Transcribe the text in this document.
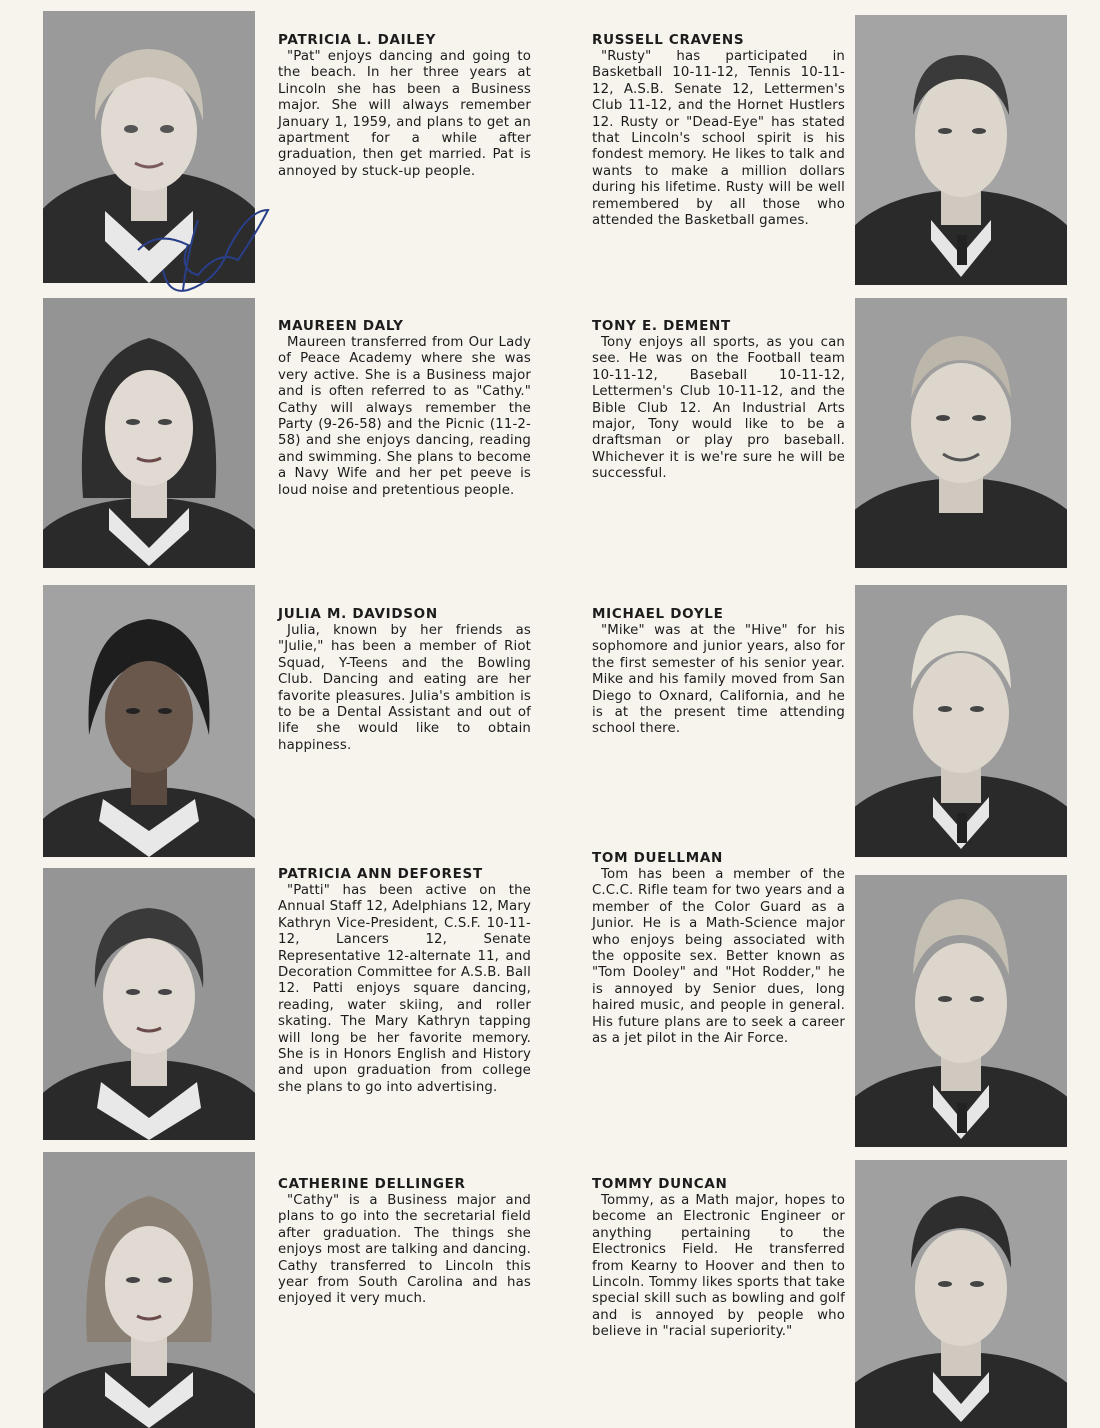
PATRICIA L. DAILEY

"Pat" enjoys dancing and going to the beach. In her three years at Lincoln she has been a Business major. She will always remember January 1, 1959, and plans to get an apartment for a while after graduation, then get married. Pat is annoyed by stuck-up people.

RUSSELL CRAVENS

"Rusty" has participated in Basketball 10-11-12, Tennis 10-11-12, A.S.B. Senate 12, Lettermen's Club 11-12, and the Hornet Hustlers 12. Rusty or "Dead-Eye" has stated that Lincoln's school spirit is his fondest memory. He likes to talk and wants to make a million dollars during his lifetime. Rusty will be well remembered by all those who attended the Basketball games.

MAUREEN DALY

Maureen transferred from Our Lady of Peace Academy where she was very active. She is a Business major and is often referred to as "Cathy." Cathy will always remember the Party (9-26-58) and the Picnic (11-2-58) and she enjoys dancing, reading and swimming. She plans to become a Navy Wife and her pet peeve is loud noise and pretentious people.

TONY E. DEMENT

Tony enjoys all sports, as you can see. He was on the Football team 10-11-12, Baseball 10-11-12, Lettermen's Club 10-11-12, and the Bible Club 12. An Industrial Arts major, Tony would like to be a draftsman or play pro baseball. Whichever it is we're sure he will be successful.

JULIA M. DAVIDSON

Julia, known by her friends as "Julie," has been a member of Riot Squad, Y-Teens and the Bowling Club. Dancing and eating are her favorite pleasures. Julia's ambition is to be a Dental Assistant and out of life she would like to obtain happiness.

MICHAEL DOYLE

"Mike" was at the "Hive" for his sophomore and junior years, also for the first semester of his senior year. Mike and his family moved from San Diego to Oxnard, California, and he is at the present time attending school there.

PATRICIA ANN DEFOREST

"Patti" has been active on the Annual Staff 12, Adelphians 12, Mary Kathryn Vice-President, C.S.F. 10-11-12, Lancers 12, Senate Representative 12-alternate 11, and Decoration Committee for A.S.B. Ball 12. Patti enjoys square dancing, reading, water skiing, and roller skating. The Mary Kathryn tapping will long be her favorite memory. She is in Honors English and History and upon graduation from college she plans to go into advertising.

TOM DUELLMAN

Tom has been a member of the C.C.C. Rifle team for two years and a member of the Color Guard as a Junior. He is a Math-Science major who enjoys being associated with the opposite sex. Better known as "Tom Dooley" and "Hot Rodder," he is annoyed by Senior dues, long haired music, and people in general. His future plans are to seek a career as a jet pilot in the Air Force.

CATHERINE DELLINGER

"Cathy" is a Business major and plans to go into the secretarial field after graduation. The things she enjoys most are talking and dancing. Cathy transferred to Lincoln this year from South Carolina and has enjoyed it very much.

TOMMY DUNCAN

Tommy, as a Math major, hopes to become an Electronic Engineer or anything pertaining to the Electronics Field. He transferred from Kearny to Hoover and then to Lincoln. Tommy likes sports that take special skill such as bowling and golf and is annoyed by people who believe in "racial superiority."
